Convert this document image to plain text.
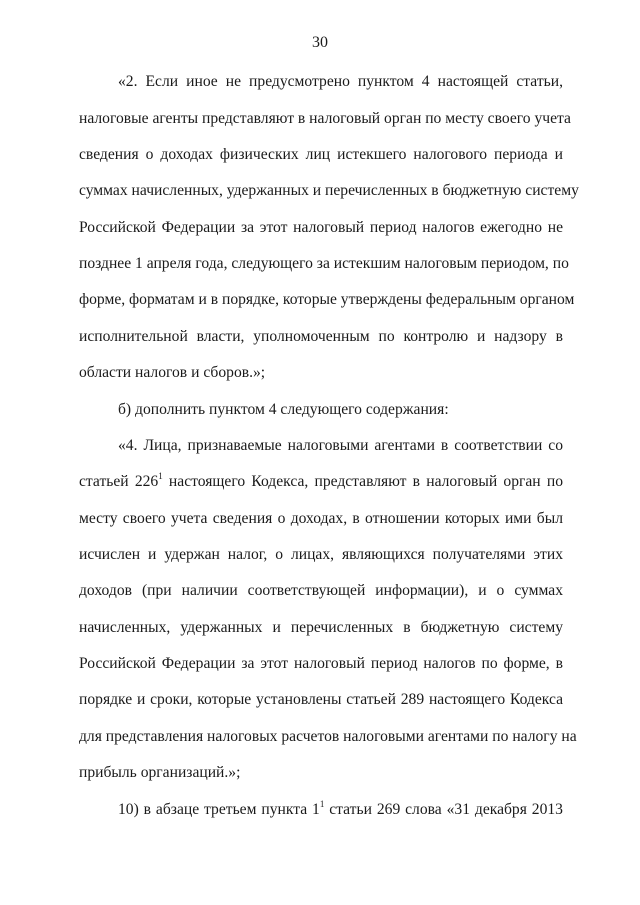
30
«2. Если иное не предусмотрено пунктом 4 настоящей статьи,
налоговые агенты представляют в налоговый орган по месту своего учета
сведения о доходах физических лиц истекшего налогового периода и
суммах начисленных, удержанных и перечисленных в бюджетную систему
Российской Федерации за этот налоговый период налогов ежегодно не
позднее 1 апреля года, следующего за истекшим налоговым периодом, по
форме, форматам и в порядке, которые утверждены федеральным органом
исполнительной власти, уполномоченным по контролю и надзору в
области налогов и сборов.»;
б) дополнить пунктом 4 следующего содержания:
«4. Лица, признаваемые налоговыми агентами в соответствии со
статьей $226^1$ настоящего Кодекса, представляют в налоговый орган по
месту своего учета сведения о доходах, в отношении которых ими был
исчислен и удержан налог, о лицах, являющихся получателями этих
доходов (при наличии соответствующей информации), и о суммах
начисленных, удержанных и перечисленных в бюджетную систему
Российской Федерации за этот налоговый период налогов по форме, в
порядке и сроки, которые установлены статьей 289 настоящего Кодекса
для представления налоговых расчетов налоговыми агентами по налогу на
прибыль организаций.»;
10) в абзаце третьем пункта $1^1$ статьи 269 слова «31 декабря 2013
